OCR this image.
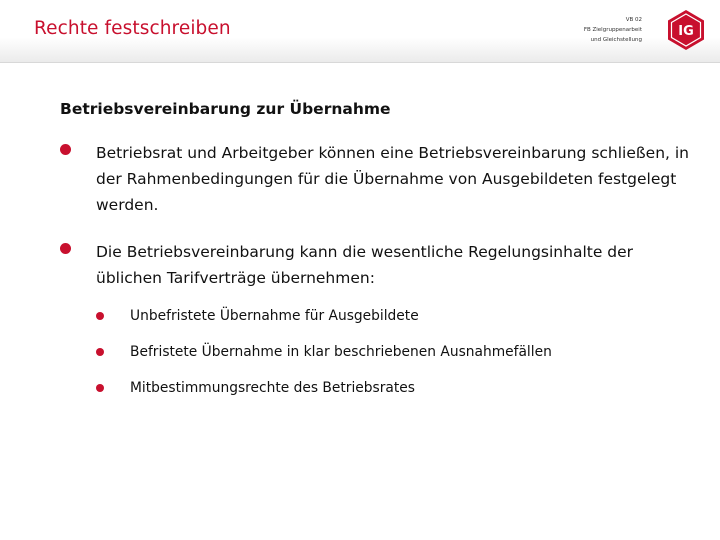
Rechte festschreiben	VB 02
FB Zielgruppenarbeit
und Gleichstellung
IG
Betriebsvereinbarung zur Übernahme
Betriebsrat und Arbeitgeber können eine Betriebsvereinbarung schließen, in der Rahmenbedingungen für die Übernahme von Ausgebildeten festgelegt werden.
Die Betriebsvereinbarung kann die wesentliche Regelungsinhalte der üblichen Tarifverträge übernehmen:
Unbefristete Übernahme für Ausgebildete
Befristete Übernahme in klar beschriebenen Ausnahmefällen
Mitbestimmungsrechte des Betriebsrates
